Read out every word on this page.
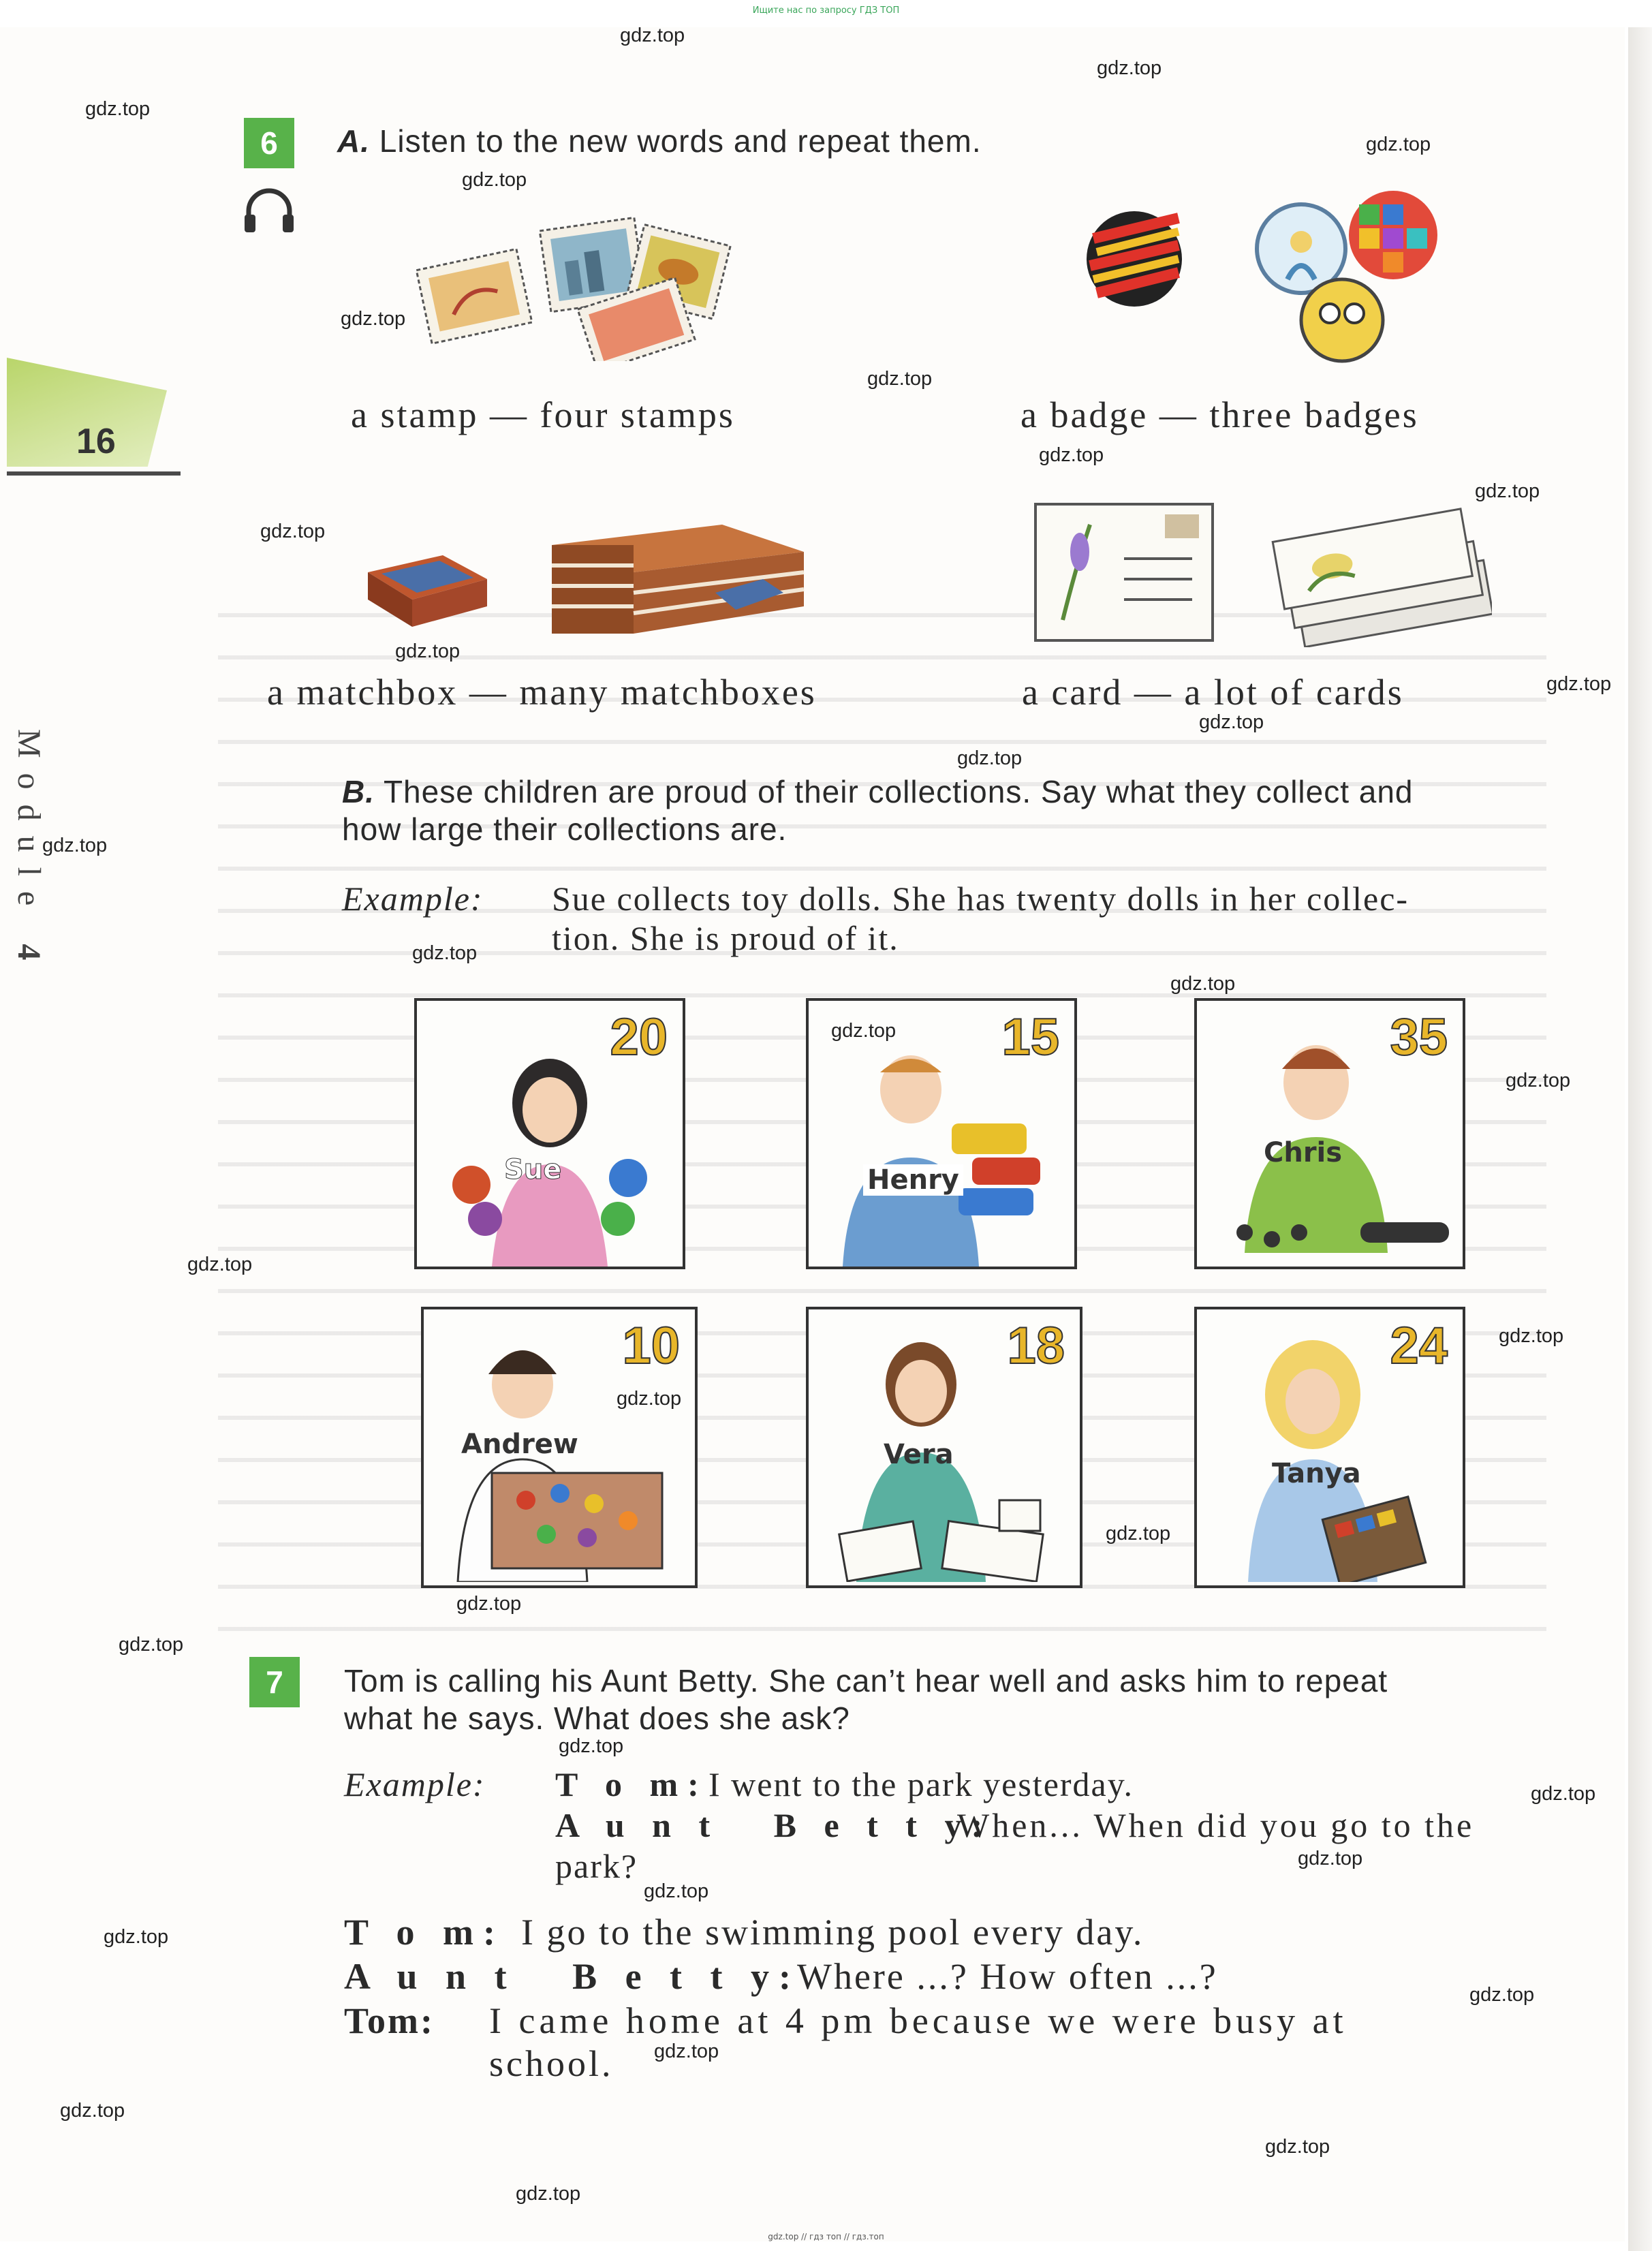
Ищите нас по запросу ГДЗ ТОП
16
Module 4
6	A. Listen to the new words and repeat them.
a stamp — four stamps	a badge — three badges
a matchbox — many matchboxes	a card — a lot of cards
B. These children are proud of their collections. Say what they collect and
how large their collections are.
Example: Sue collects toy dolls. She has twenty dolls in her collec-
tion. She is proud of it.
20
Sue
15
Henry
35
Chris
10
Andrew
18
Vera
24
Tanya
7	Tom is calling his Aunt Betty. She can’t hear well and asks him to repeat
what he says. What does she ask?
Example: T o m: I went to the park yesterday.
A u n t   B e t t y:
When... When did you go to the
park?
T o m: I go to the swimming pool every day.
A u n t   B e t t y:
Where ...? How often ...?
Tom: I came home at 4 pm because we were busy at
school.
gdz.top
gdz.top
gdz.top
gdz.top
gdz.top
gdz.top
gdz.top
gdz.top
gdz.top
gdz.top
gdz.top
gdz.top
gdz.top
gdz.top
gdz.top
gdz.top
gdz.top
gdz.top
gdz.top
gdz.top
gdz.top
gdz.top
gdz.top
gdz.top
gdz.top
gdz.top
gdz.top
gdz.top
gdz.top
gdz.top
gdz.top
gdz.top
gdz.top
gdz.top
gdz.top
gdz.top // гдз топ // гдз.топ
